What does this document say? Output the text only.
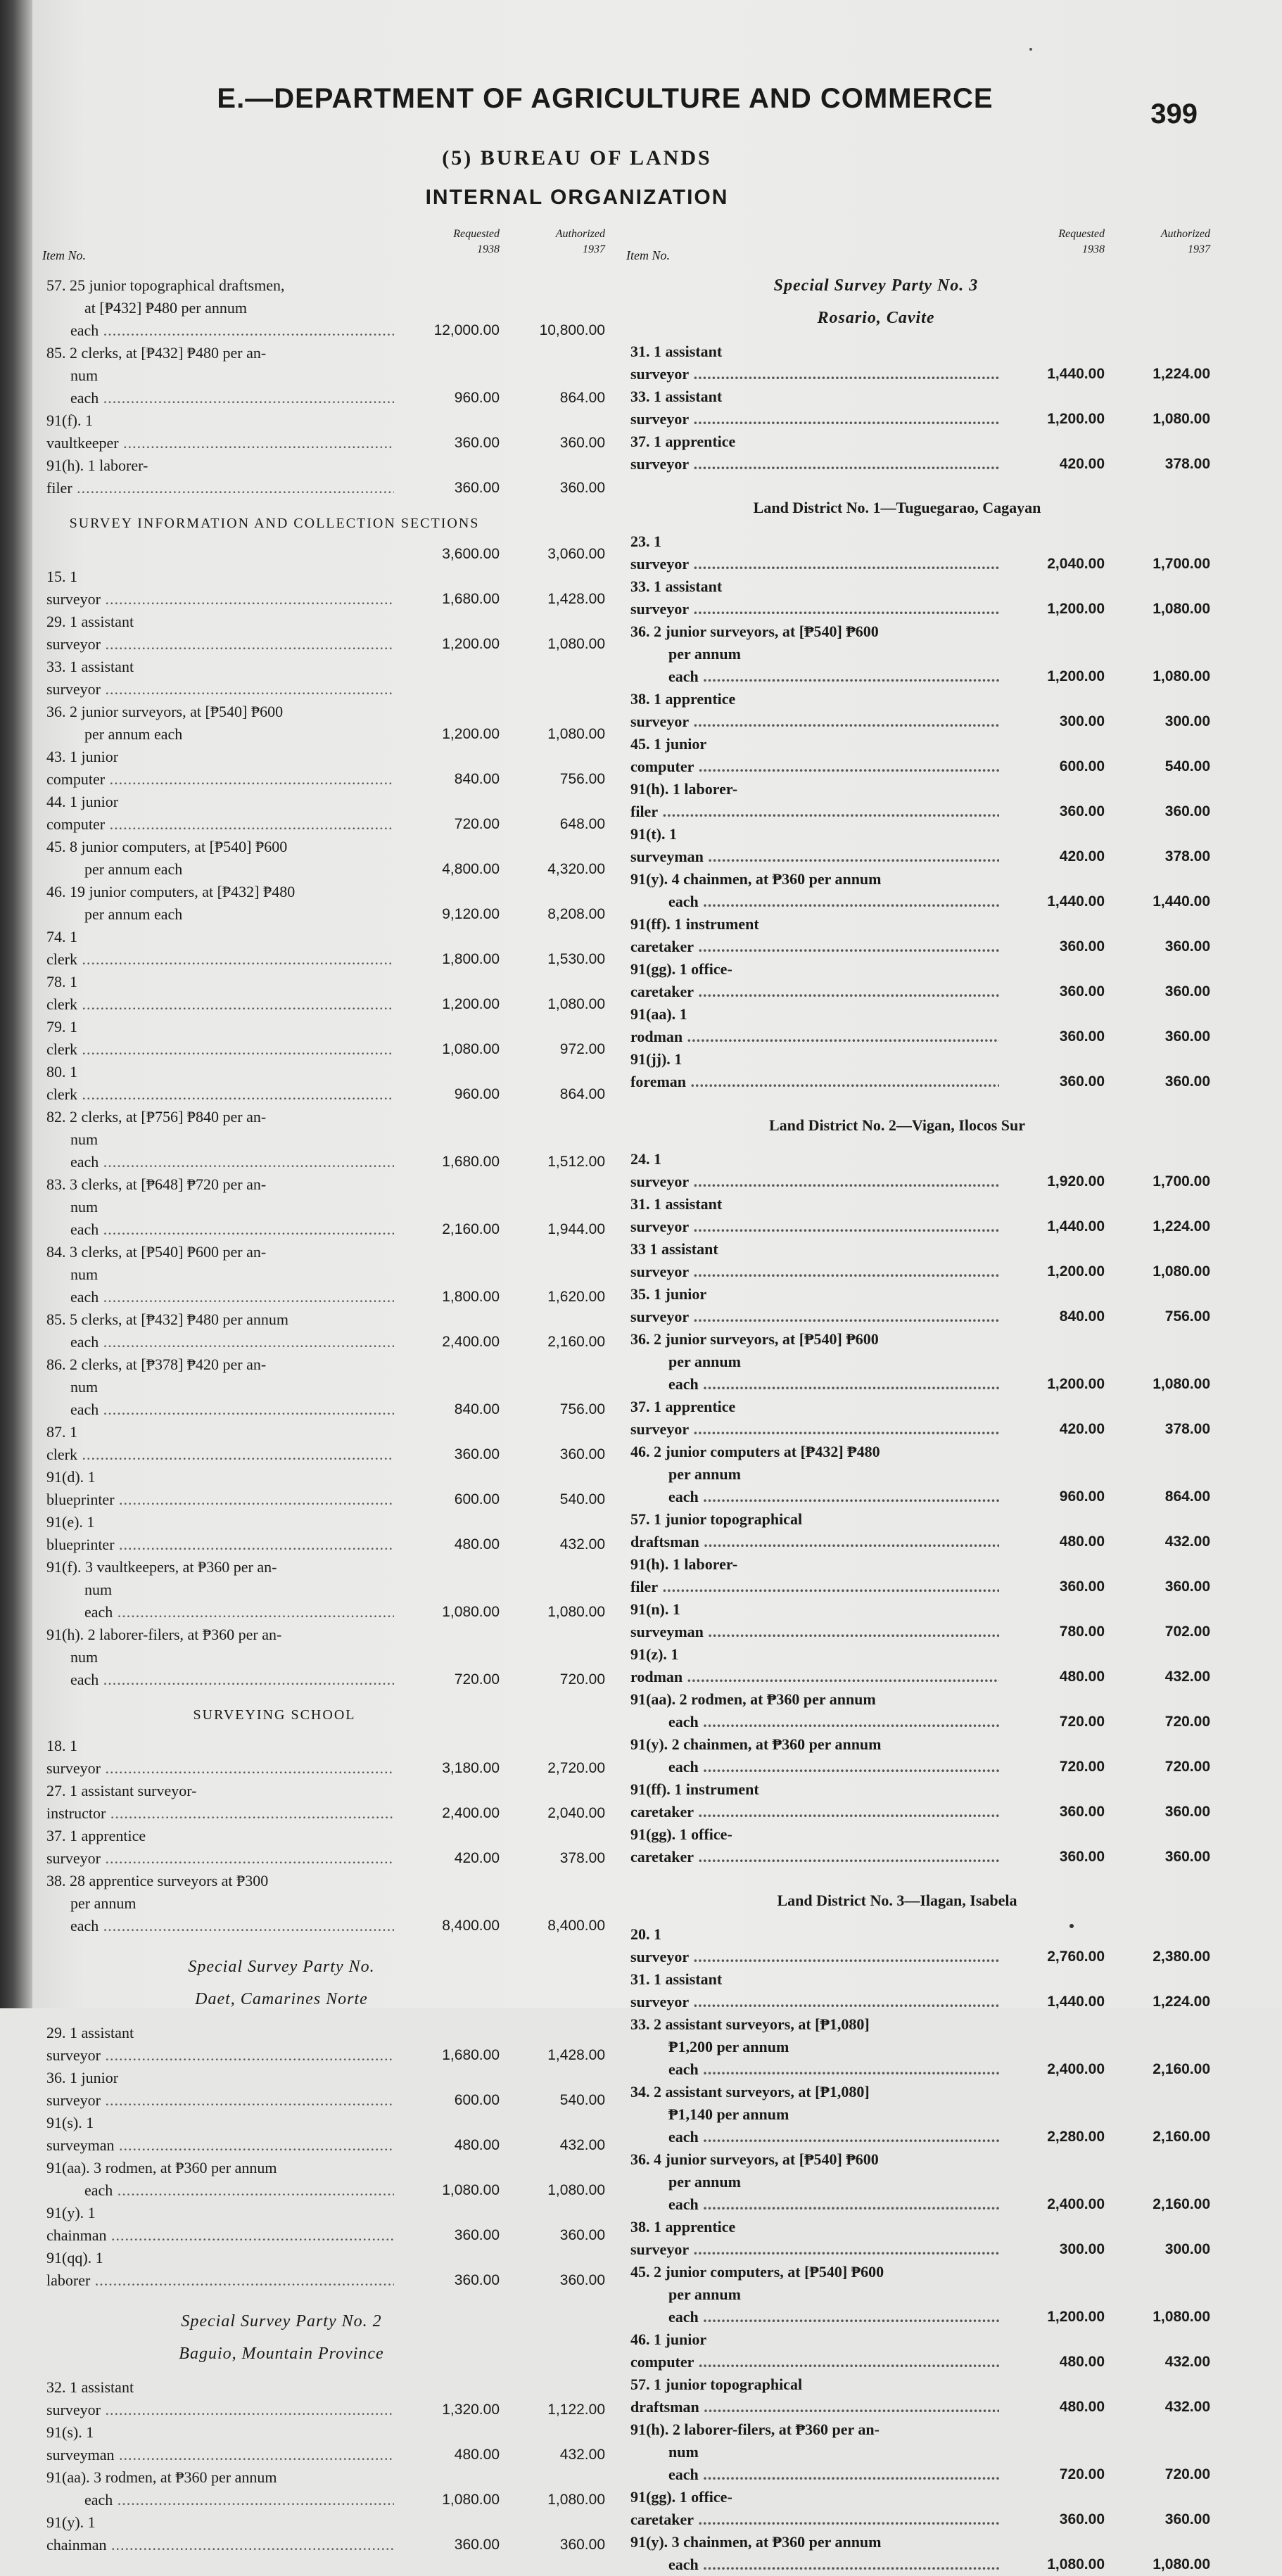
E.—DEPARTMENT OF AGRICULTURE AND COMMERCE	399
(5) BUREAU OF LANDS
INTERNAL ORGANIZATION
Item No.
Requested
1938
Authorized
1937
57. 25 junior topographical draftsmen,
at [₱432] ₱480 per annum
each .....	12,000.00	10,800.00
85. 2 clerks, at [₱432] ₱480 per an-
num each .....	960.00	864.00
91(f). 1 vaultkeeper .....	360.00	360.00
91(h). 1 laborer-filer .....	360.00	360.00
SURVEY INFORMATION AND COLLECTION SECTIONS
3,600.00	3,060.00
15. 1 surveyor .....	1,680.00	1,428.00
29. 1 assistant surveyor .....	1,200.00	1,080.00
33. 1 assistant surveyor .....
36. 2 junior surveyors, at [₱540] ₱600
per annum each	1,200.00	1,080.00
43. 1 junior computer .....	840.00	756.00
44. 1 junior computer .....	720.00	648.00
45. 8 junior computers, at [₱540] ₱600
per annum each	4,800.00	4,320.00
46. 19 junior computers, at [₱432] ₱480
per annum each	9,120.00	8,208.00
74. 1 clerk .....	1,800.00	1,530.00
78. 1 clerk .....	1,200.00	1,080.00
79. 1 clerk .....	1,080.00	972.00
80. 1 clerk .....	960.00	864.00
82. 2 clerks, at [₱756] ₱840 per an-
num each .....	1,680.00	1,512.00
83. 3 clerks, at [₱648] ₱720 per an-
num each .....	2,160.00	1,944.00
84. 3 clerks, at [₱540] ₱600 per an-
num each .....	1,800.00	1,620.00
85. 5 clerks, at [₱432] ₱480 per annum
each .....	2,400.00	2,160.00
86. 2 clerks, at [₱378] ₱420 per an-
num each .....	840.00	756.00
87. 1 clerk .....	360.00	360.00
91(d). 1 blueprinter .....	600.00	540.00
91(e). 1 blueprinter .....	480.00	432.00
91(f). 3 vaultkeepers, at ₱360 per an-
num each .....	1,080.00	1,080.00
91(h). 2 laborer-filers, at ₱360 per an-
num each .....	720.00	720.00
SURVEYING SCHOOL
18. 1 surveyor .....	3,180.00	2,720.00
27. 1 assistant surveyor-instructor .....	2,400.00	2,040.00
37. 1 apprentice surveyor .....	420.00	378.00
38. 28 apprentice surveyors at ₱300
per annum each .....	8,400.00	8,400.00
Special Survey Party No.
Daet, Camarines Norte
29. 1 assistant surveyor .....	1,680.00	1,428.00
36. 1 junior surveyor .....	600.00	540.00
91(s). 1 surveyman .....	480.00	432.00
91(aa). 3 rodmen, at ₱360 per annum
each .....	1,080.00	1,080.00
91(y). 1 chainman .....	360.00	360.00
91(qq). 1 laborer .....	360.00	360.00
Special Survey Party No. 2
Baguio, Mountain Province
32. 1 assistant surveyor .....	1,320.00	1,122.00
91(s). 1 surveyman .....	480.00	432.00
91(aa). 3 rodmen, at ₱360 per annum
each .....	1,080.00	1,080.00
91(y). 1 chainman .....	360.00	360.00
Item No.
Requested
1938
Authorized
1937
Special Survey Party No. 3
Rosario, Cavite
31. 1 assistant surveyor .....	1,440.00	1,224.00
33. 1 assistant surveyor .....	1,200.00	1,080.00
37. 1 apprentice surveyor .....	420.00	378.00
Land District No. 1—Tuguegarao, Cagayan
23. 1 surveyor .....	2,040.00	1,700.00
33. 1 assistant surveyor .....	1,200.00	1,080.00
36. 2 junior surveyors, at [₱540] ₱600
per annum each .....	1,200.00	1,080.00
38. 1 apprentice surveyor .....	300.00	300.00
45. 1 junior computer .....	600.00	540.00
91(h). 1 laborer-filer .....	360.00	360.00
91(t). 1 surveyman .....	420.00	378.00
91(y). 4 chainmen, at ₱360 per annum
each .....	1,440.00	1,440.00
91(ff). 1 instrument caretaker .....	360.00	360.00
91(gg). 1 office-caretaker .....	360.00	360.00
91(aa). 1 rodman .....	360.00	360.00
91(jj). 1 foreman .....	360.00	360.00
Land District No. 2—Vigan, Ilocos Sur
24. 1 surveyor .....	1,920.00	1,700.00
31. 1 assistant surveyor .....	1,440.00	1,224.00
33 1 assistant surveyor .....	1,200.00	1,080.00
35. 1 junior surveyor .....	840.00	756.00
36. 2 junior surveyors, at [₱540] ₱600
per annum each .....	1,200.00	1,080.00
37. 1 apprentice surveyor .....	420.00	378.00
46. 2 junior computers at [₱432] ₱480
per annum each .....	960.00	864.00
57. 1 junior topographical draftsman .....	480.00	432.00
91(h). 1 laborer-filer .....	360.00	360.00
91(n). 1 surveyman .....	780.00	702.00
91(z). 1 rodman .....	480.00	432.00
91(aa). 2 rodmen, at ₱360 per annum
each .....	720.00	720.00
91(y). 2 chainmen, at ₱360 per annum
each .....	720.00	720.00
91(ff). 1 instrument caretaker .....	360.00	360.00
91(gg). 1 office-caretaker .....	360.00	360.00
Land District No. 3—Ilagan, Isabela
20. 1 surveyor .....	2,760.00	2,380.00
31. 1 assistant surveyor .....	1,440.00	1,224.00
33. 2 assistant surveyors, at [₱1,080]
₱1,200 per annum each .....	2,400.00	2,160.00
34. 2 assistant surveyors, at [₱1,080]
₱1,140 per annum each .....	2,280.00	2,160.00
36. 4 junior surveyors, at [₱540] ₱600
per annum each .....	2,400.00	2,160.00
38. 1 apprentice surveyor .....	300.00	300.00
45. 2 junior computers, at [₱540] ₱600
per annum each .....	1,200.00	1,080.00
46. 1 junior computer .....	480.00	432.00
57. 1 junior topographical draftsman .....	480.00	432.00
91(h). 2 laborer-filers, at ₱360 per an-
num each .....	720.00	720.00
91(gg). 1 office-caretaker .....	360.00	360.00
91(y). 3 chainmen, at ₱360 per annum
each .....	1,080.00	1,080.00
